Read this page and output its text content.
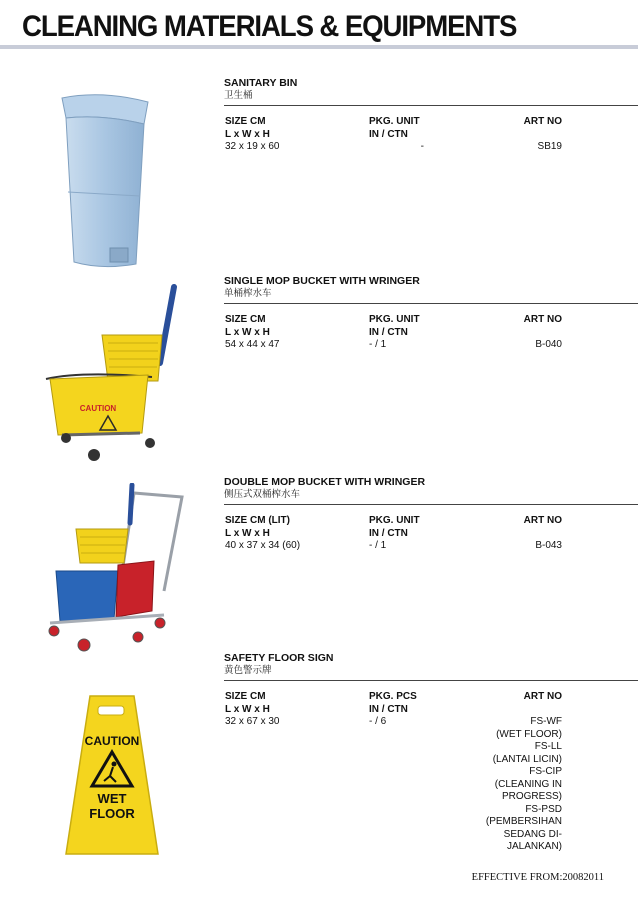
CLEANING MATERIALS & EQUIPMENTS
SANITARY BIN
卫生桶
SIZE CM
L x W x H
32 x 19 x 60
PKG. UNIT
IN / CTN
-
ART NO

SB19
CAUTION
SINGLE MOP BUCKET WITH WRINGER
单桶榨水车
SIZE CM
L x W x H
54 x 44 x 47
PKG. UNIT
IN / CTN
- / 1
ART NO

B-040
DOUBLE MOP BUCKET WITH WRINGER
侧压式双桶榨水车
SIZE CM (LIT)
L x W x H
40 x 37 x 34 (60)
PKG. UNIT
IN / CTN
- / 1
ART NO

B-043
CAUTION
WET
FLOOR
SAFETY FLOOR SIGN
黄色警示牌
SIZE CM
L x W x H
32 x 67 x 30
PKG. PCS
IN / CTN
- / 6
ART NO

FS-WF
(WET FLOOR)
FS-LL
(LANTAI LICIN)
FS-CIP
(CLEANING IN
PROGRESS)
FS-PSD
(PEMBERSIHAN
SEDANG DI-
JALANKAN)
EFFECTIVE FROM:20082011
